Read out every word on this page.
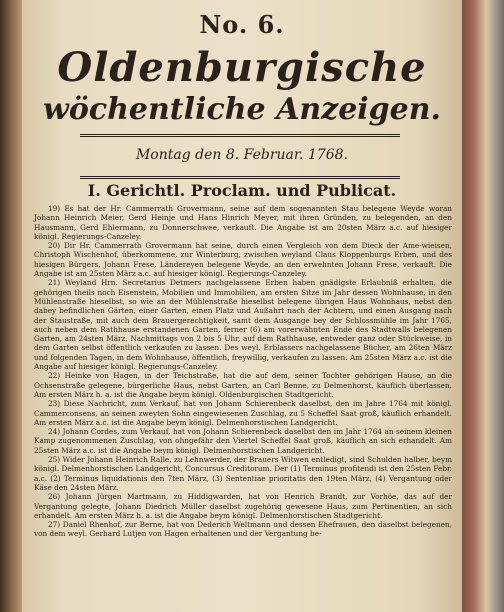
No. 6.
Oldenburgische
wöchentliche Anzeigen.
Montag den 8. Februar. 1768.
I. Gerichtl. Proclam. und Publicat.

19) Es hat der Hr. Cammerrath Grovermann, seine auf dem sogenannten Stau belegene Weyde woran Johann Heinrich Meier, Gerd Heinje und Hans Hinrich Meyer, mit ihren Gründen, zu belegenden, an den Hausmann, Gerd Ehlermann, zu Donnerschwee, verkauft. Die Angabe ist am 20sten März a.c. auf hiesiger königl. Regierungs-Canzeley.

20) Dir Hr. Cammerrath Grovermann hat seine, durch einen Vergleich von dem Dieck der Ame-wieisen, Christoph Wischenhof, überkommene, zur Winterburg, zwischen weyland Claus Kloppenburgs Erben, und des hiesigen Bürgers, Johann Frese, Ländereyen belegene Weyde, an den erwehnten Johann Frese, verkauft. Die Angabe ist am 25sten März a.c. auf hiesiger königl. Regierungs-Canzeley.

21) Weyland Hrn. Secretarius Detmers nachgelassene Erben haben gnädigste Erlaubniß erhalten, die gehörigen theils noch Eisenstein, Mobilien und Immobilien, am ersten Sitze im Jahr dessen Wohnhause, in den Mühlenstraße hieselbst, so wie an der Mühlenstraße hieselbst belegene übrigen Haus Wohnhaus, nebst den dabey befindlichen Gärten, einer Garten, einen Platz und Außahrt nach der Achtern, und einen Ausgang nach der Staustraße, mit auch dem Brauergerechtigkeit, samt dem Ausgange bey der Schlossmühle im Jahr 1765, auch neben dem Rathhause erstandenen Garten, ferner (6) am vorerwähnten Ende des Stadtwalls belegenen Garten, am 24sten März, Nachmittags von 2 bis 5 Uhr, auf dem Rathhause, entweder ganz oder Stückweise, in dem Garten selbst öffentlich verkaufen zu lassen. Des weyl. Erblassers nachgelassene Bücher, am 26ten März und folgenden Tagen, in dem Wohnhause, öffentlich, freywillig, verkaufen zu lassen. Am 25sten März a.c. ist die Angabe auf hiesiger königl. Regierungs-Canzeley.

22) Heinke von Hagen, in der Teichstraße, hat die auf dem, seiner Tochter gehörigen Hause, an die Ochsenstraße gelegene, bürgerliche Haus, nebst Garten, an Carl Benne, zu Delmenhorst, käuflich überlassen. Am ersten März h. a. ist die Angabe beym königl. Oldenburgischen Stadtgericht.

23) Diese Nachricht, zum Verkauf, hat von Johann Schierenbeck daselbst, den im Jahre 1764 mit königl. Cammerconsens, an seinen zweyten Sohn eingewiesenen Zuschlag, zu 5 Scheffel Saat groß, käuflich erhandelt. Am ersten März a.c. ist die Angabe beym königl. Delmenhorstischen Landgericht.

24) Johann Cordes, zum Verkauf, hat von Johann Schierenbeck daselbst den im Jahr 1764 an seinem kleinen Kamp zugenommenen Zuschlag, von ohngefähr den Viertel Scheffel Saat groß, käuflich an sich erhandelt. Am 25sten März a.c. ist die Angabe beym königl. Delmenhorstischen Landgericht.

25) Wider Johann Heinrich Ralle, zu Lehnwerder, der Brauers Witwen entledigt, sind Schulden halber, beym königl. Delmenhorstischen Landgericht, Concursus Creditorum. Der (1) Terminus profitendi ist den 25sten Febr. a.c. (2) Terminus liquidationis den 7ten März, (3) Sententiae prioritatis den 19ten März, (4) Vergantung oder Käse den 24sten März.

26) Johann Jürgen Martmann, zu Hiddigwarden, hat von Henrich Brandt, zur Vorhöe, das auf der Vergantung gelegte, Johann Diedrich Müller daselbst zugehörig gewesene Haus, zum Pertinentien, an sich erhandelt. Am ersten März h. a. ist die Angabe beym königl. Delmenhorstischen Stadtgericht.

27) Daniel Rhenhof, zur Berne, hat von Dederich Weltmann und dessen Ehefrauen, den daselbst belegenen, von dem weyl. Gerhard Lutjen von Hagen erhaltenen und der Vergantung be-
